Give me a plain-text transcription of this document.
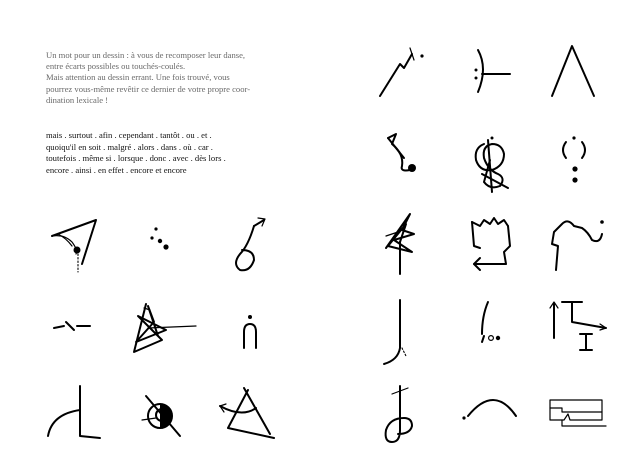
Un mot pour un dessin : à vous de recomposer leur danse,

entre écarts possibles ou touchés-coulés.

Mais attention au dessin errant. Une fois trouvé, vous

pourrez vous-même revêtir ce dernier de votre propre coor-

dination lexicale !

mais . surtout . afin . cependant . tantôt . ou . et .

quoiqu'il en soit . malgré . alors . dans . où . car .

toutefois . même si . lorsque . donc . avec . dès lors .

encore . ainsi . en effet . encore et encore
